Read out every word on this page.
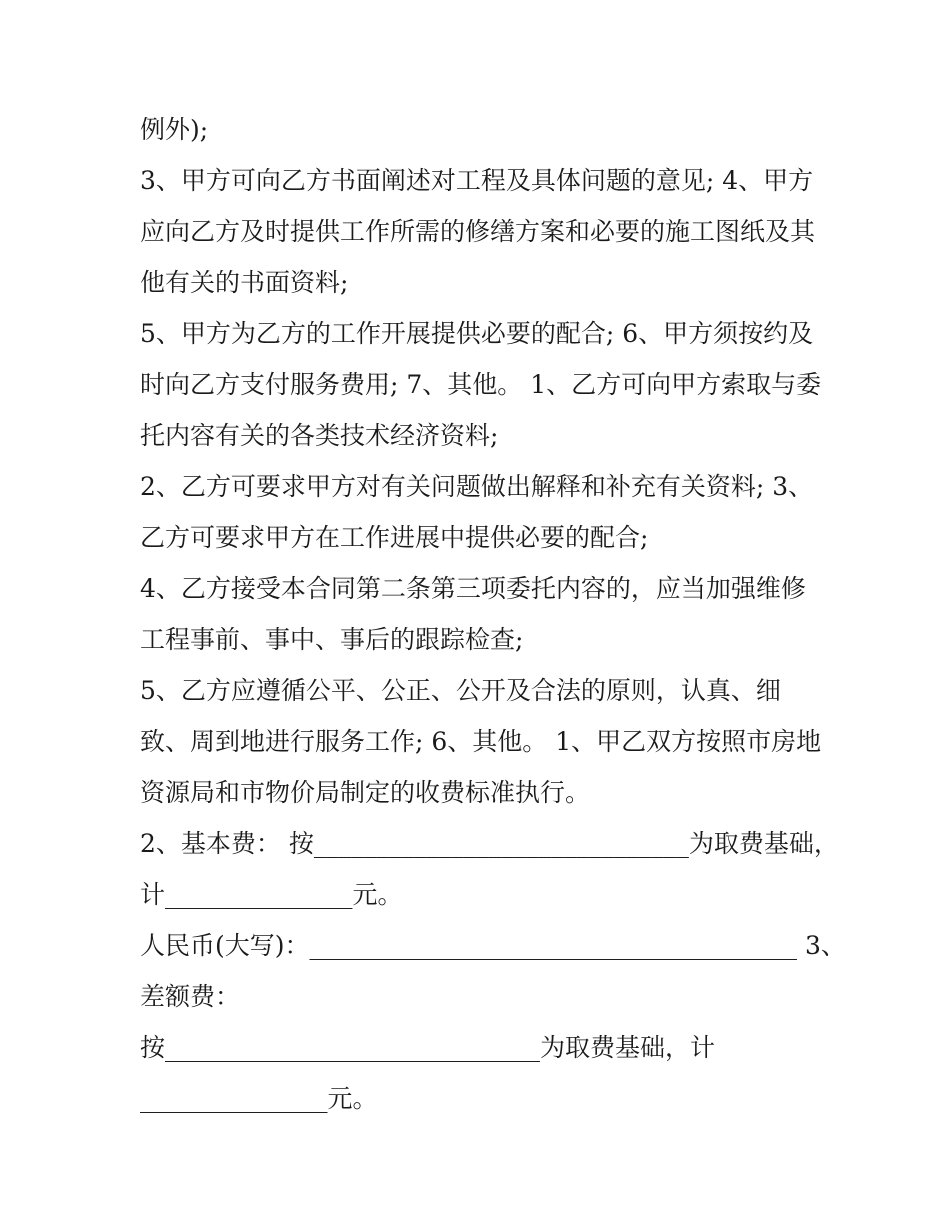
例外);
3、甲方可向乙方书面阐述对工程及具体问题的意见; 4、甲方
应向乙方及时提供工作所需的修缮方案和必要的施工图纸及其
他有关的书面资料;
5、甲方为乙方的工作开展提供必要的配合; 6、甲方须按约及
时向乙方支付服务费用; 7、其他。 1、乙方可向甲方索取与委
托内容有关的各类技术经济资料;
2、乙方可要求甲方对有关问题做出解释和补充有关资料; 3、
乙方可要求甲方在工作进展中提供必要的配合;
4、乙方接受本合同第二条第三项委托内容的，应当加强维修
工程事前、事中、事后的跟踪检查;
5、乙方应遵循公平、公正、公开及合法的原则，认真、细
致、周到地进行服务工作; 6、其他。 1、甲乙双方按照市房地
资源局和市物价局制定的收费标准执行。
2、基本费： 按______________________________为取费基础，
计_______________元。
人民币(大写)：_______________________________________ 3、
差额费：
按______________________________为取费基础，计
_______________元。
